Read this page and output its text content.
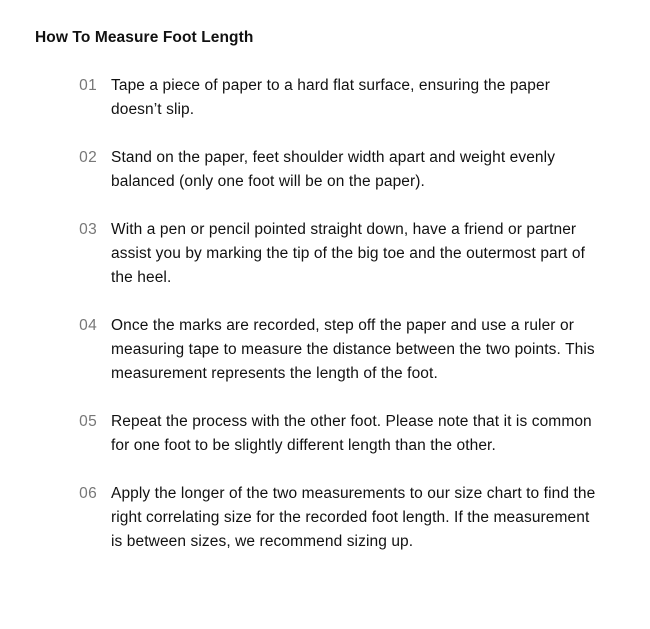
How To Measure Foot Length
01 Tape a piece of paper to a hard flat surface, ensuring the paper doesn’t slip.
02 Stand on the paper, feet shoulder width apart and weight evenly balanced (only one foot will be on the paper).
03 With a pen or pencil pointed straight down, have a friend or partner assist you by marking the tip of the big toe and the outermost part of the heel.
04 Once the marks are recorded, step off the paper and use a ruler or measuring tape to measure the distance between the two points. This measurement represents the length of the foot.
05 Repeat the process with the other foot. Please note that it is common for one foot to be slightly different length than the other.
06 Apply the longer of the two measurements to our size chart to find the right correlating size for the recorded foot length. If the measurement is between sizes, we recommend sizing up.
